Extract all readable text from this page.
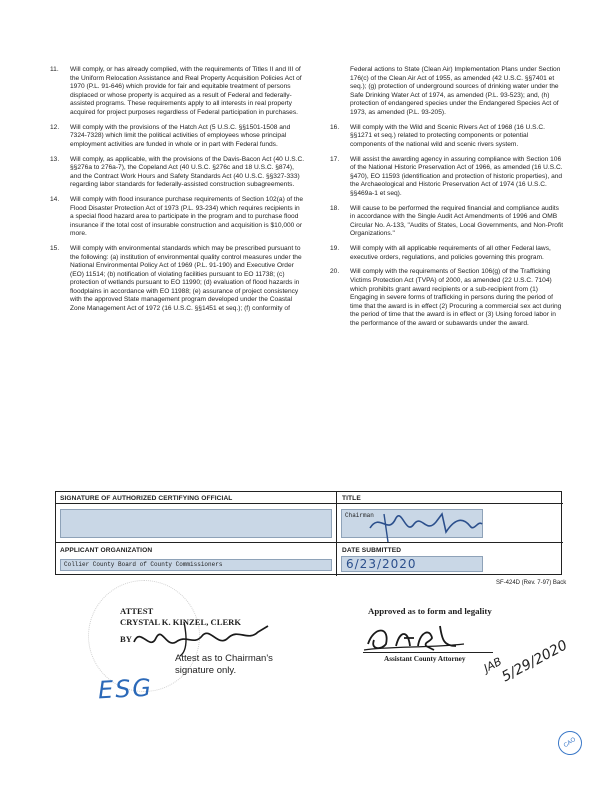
11.	Will comply, or has already complied, with the requirements of Titles II and III of the Uniform Relocation Assistance and Real Property Acquisition Policies Act of 1970 (P.L. 91-646) which provide for fair and equitable treatment of persons displaced or whose property is acquired as a result of Federal and federally-assisted programs. These requirements apply to all interests in real property acquired for project purposes regardless of Federal participation in purchases.
12.	Will comply with the provisions of the Hatch Act (5 U.S.C. §§1501-1508 and 7324-7328) which limit the political activities of employees whose principal employment activities are funded in whole or in part with Federal funds.
13.	Will comply, as applicable, with the provisions of the Davis-Bacon Act (40 U.S.C. §§276a to 276a-7), the Copeland Act (40 U.S.C. §276c and 18 U.S.C. §874), and the Contract Work Hours and Safety Standards Act (40 U.S.C. §§327-333) regarding labor standards for federally-assisted construction subagreements.
14.	Will comply with flood insurance purchase requirements of Section 102(a) of the Flood Disaster Protection Act of 1973 (P.L. 93-234) which requires recipients in a special flood hazard area to participate in the program and to purchase flood insurance if the total cost of insurable construction and acquisition is $10,000 or more.
15.	Will comply with environmental standards which may be prescribed pursuant to the following: (a) institution of environmental quality control measures under the National Environmental Policy Act of 1969 (P.L. 91-190) and Executive Order (EO) 11514; (b) notification of violating facilities pursuant to EO 11738; (c) protection of wetlands pursuant to EO 11990; (d) evaluation of flood hazards in floodplains in accordance with EO 11988; (e) assurance of project consistency with the approved State management program developed under the Coastal Zone Management Act of 1972 (16 U.S.C. §§1451 et seq.); (f) conformity of
Federal actions to State (Clean Air) Implementation Plans under Section 176(c) of the Clean Air Act of 1955, as amended (42 U.S.C. §§7401 et seq.); (g) protection of underground sources of drinking water under the Safe Drinking Water Act of 1974, as amended (P.L. 93-523); and, (h) protection of endangered species under the Endangered Species Act of 1973, as amended (P.L. 93-205).
16.	Will comply with the Wild and Scenic Rivers Act of 1968 (16 U.S.C. §§1271 et seq.) related to protecting components or potential components of the national wild and scenic rivers system.
17.	Will assist the awarding agency in assuring compliance with Section 106 of the National Historic Preservation Act of 1966, as amended (16 U.S.C. §470), EO 11593 (identification and protection of historic properties), and the Archaeological and Historic Preservation Act of 1974 (16 U.S.C. §§469a-1 et seq).
18.	Will cause to be performed the required financial and compliance audits in accordance with the Single Audit Act Amendments of 1996 and OMB Circular No. A-133, "Audits of States, Local Governments, and Non-Profit Organizations."
19.	Will comply with all applicable requirements of all other Federal laws, executive orders, regulations, and policies governing this program.
20.	Will comply with the requirements of Section 106(g) of the Trafficking Victims Protection Act (TVPA) of 2000, as amended (22 U.S.C. 7104) which prohibits grant award recipients or a sub-recipient from (1) Engaging in severe forms of trafficking in persons during the period of time that the award is in effect (2) Procuring a commercial sex act during the period of time that the award is in effect or (3) Using forced labor in the performance of the award or subawards under the award.
SIGNATURE OF AUTHORIZED CERTIFYING OFFICIAL	TITLE
Chairman
APPLICANT ORGANIZATION	DATE SUBMITTED
Collier County Board of County Commissioners	6/23/2020
SF-424D (Rev. 7-97) Back
ATTEST
CRYSTAL K. KINZEL, CLERK
BY
Attest as to Chairman's
signature only.
ESG
Approved as to form and legality
Assistant County Attorney JAB
5/29/2020
CAO
